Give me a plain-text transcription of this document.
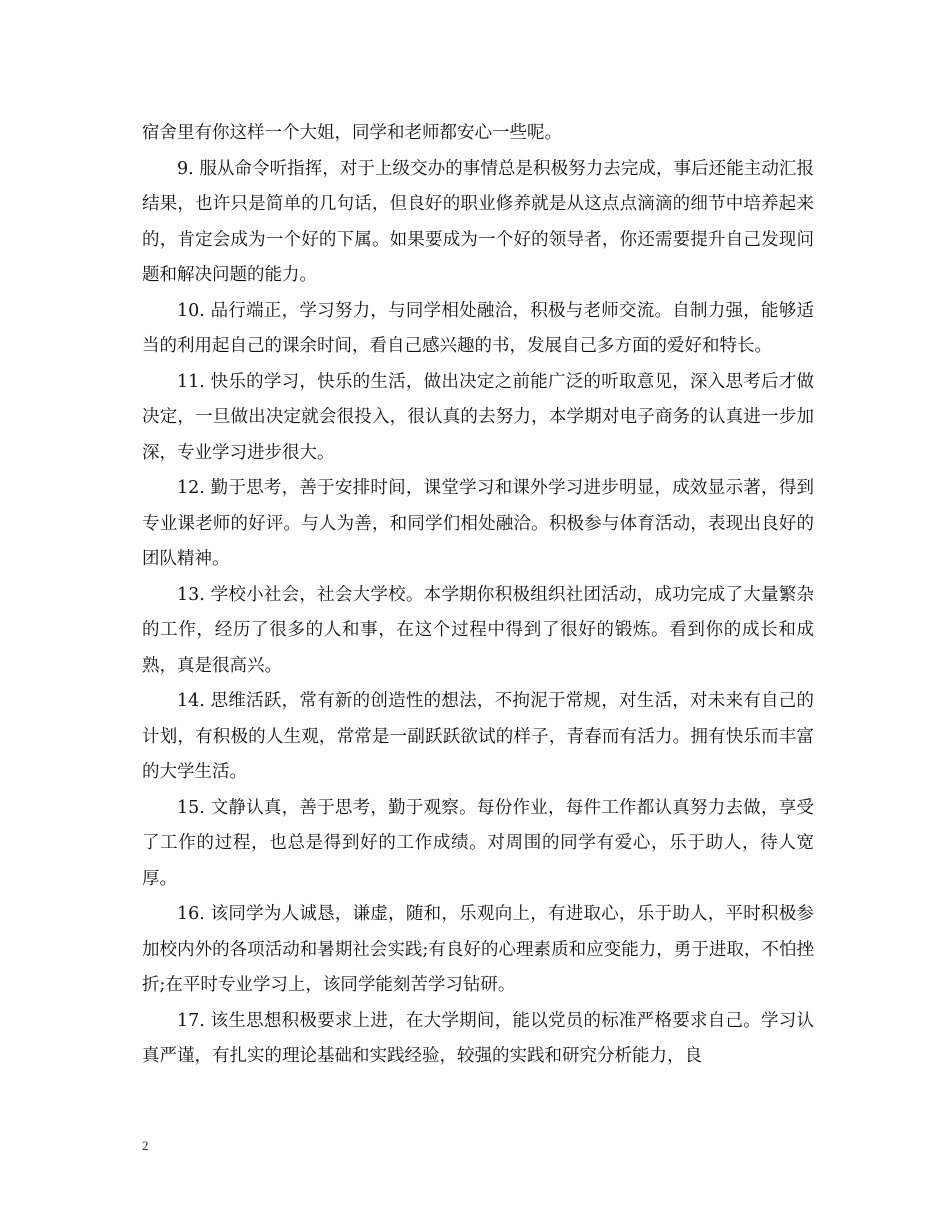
宿舍里有你这样一个大姐，同学和老师都安心一些呢。

9. 服从命令听指挥，对于上级交办的事情总是积极努力去完成，事后还能主动汇报结果，也许只是简单的几句话，但良好的职业修养就是从这点点滴滴的细节中培养起来的，肯定会成为一个好的下属。如果要成为一个好的领导者，你还需要提升自己发现问题和解决问题的能力。

10. 品行端正，学习努力，与同学相处融洽，积极与老师交流。自制力强，能够适当的利用起自己的课余时间，看自己感兴趣的书，发展自己多方面的爱好和特长。

11. 快乐的学习，快乐的生活，做出决定之前能广泛的听取意见，深入思考后才做决定，一旦做出决定就会很投入，很认真的去努力，本学期对电子商务的认真进一步加深，专业学习进步很大。

12. 勤于思考，善于安排时间，课堂学习和课外学习进步明显，成效显示著，得到专业课老师的好评。与人为善，和同学们相处融洽。积极参与体育活动，表现出良好的团队精神。

13. 学校小社会，社会大学校。本学期你积极组织社团活动，成功完成了大量繁杂的工作，经历了很多的人和事，在这个过程中得到了很好的锻炼。看到你的成长和成熟，真是很高兴。

14. 思维活跃，常有新的创造性的想法，不拘泥于常规，对生活，对未来有自己的计划，有积极的人生观，常常是一副跃跃欲试的样子，青春而有活力。拥有快乐而丰富的大学生活。

15. 文静认真，善于思考，勤于观察。每份作业，每件工作都认真努力去做，享受了工作的过程，也总是得到好的工作成绩。对周围的同学有爱心，乐于助人，待人宽厚。

16. 该同学为人诚恳，谦虚，随和，乐观向上，有进取心，乐于助人，平时积极参加校内外的各项活动和暑期社会实践;有良好的心理素质和应变能力，勇于进取，不怕挫折;在平时专业学习上，该同学能刻苦学习钻研。

17. 该生思想积极要求上进，在大学期间，能以党员的标准严格要求自己。学习认真严谨，有扎实的理论基础和实践经验，较强的实践和研究分析能力，良

2
